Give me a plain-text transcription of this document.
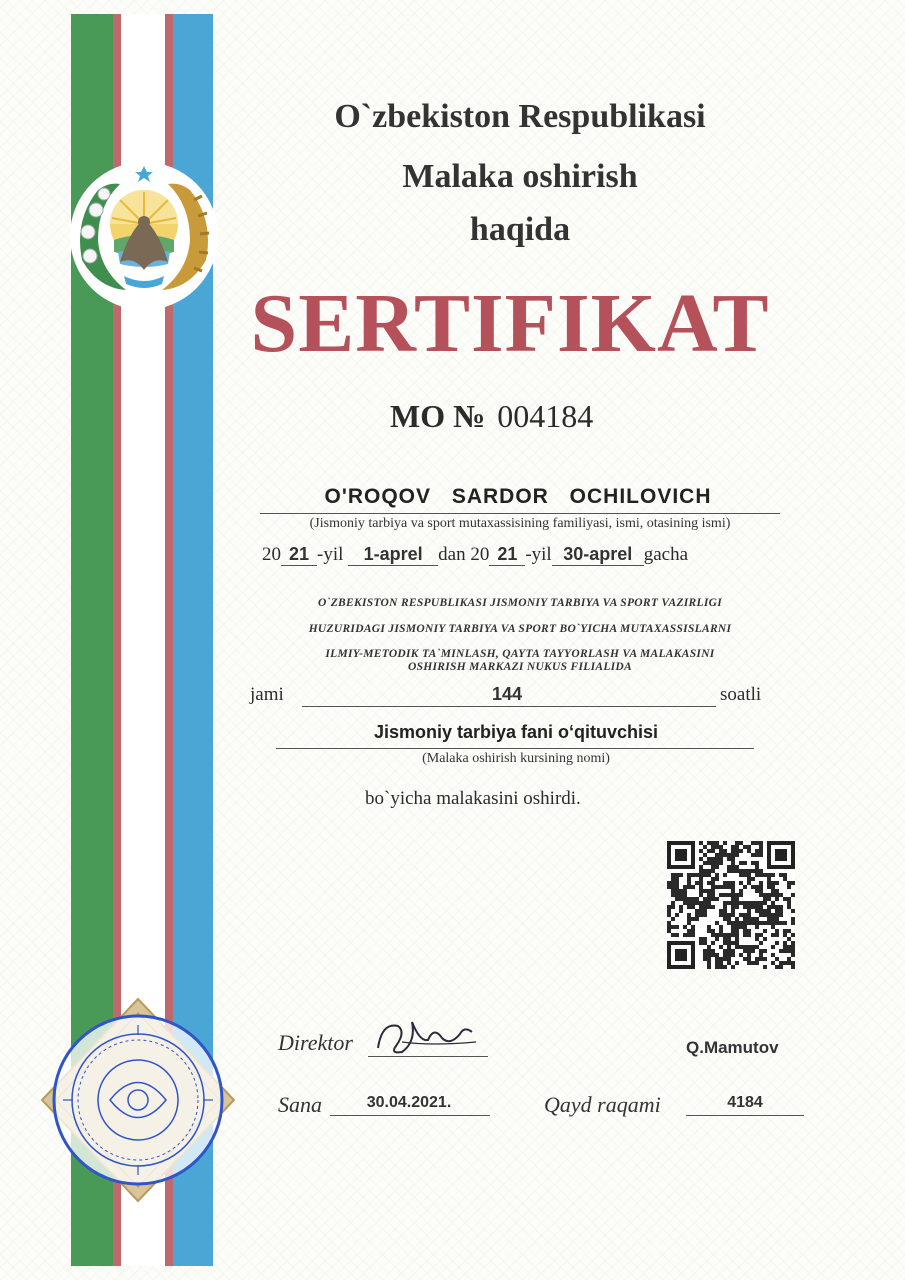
O`zbekiston Respublikasi
Malaka oshirish
haqida
SERTIFIKAT
MO № 004184
O'ROQOV SARDOR OCHILOVICH
(Jismoniy tarbiya va sport mutaxassisining familiyasi, ismi, otasining ismi)
20 21 -yil 1-aprel dan 20 21 -yil 30-aprel gacha
O`ZBEKISTON RESPUBLIKASI JISMONIY TARBIYA VA SPORT VAZIRLIGI
HUZURIDAGI JISMONIY TARBIYA VA SPORT BO`YICHA MUTAXASSISLARNI
ILMIY-METODIK TA`MINLASH, QAYTA TAYYORLASH VA MALAKASINI
OSHIRISH MARKAZI NUKUS FILIALIDA
jami	144	soatli
Jismoniy tarbiya fani o‘qituvchisi
(Malaka oshirish kursining nomi)
bo`yicha malakasini oshirdi.
Direktor	Q.Mamutov
Sana	30.04.2021.	Qayd raqami	4184
